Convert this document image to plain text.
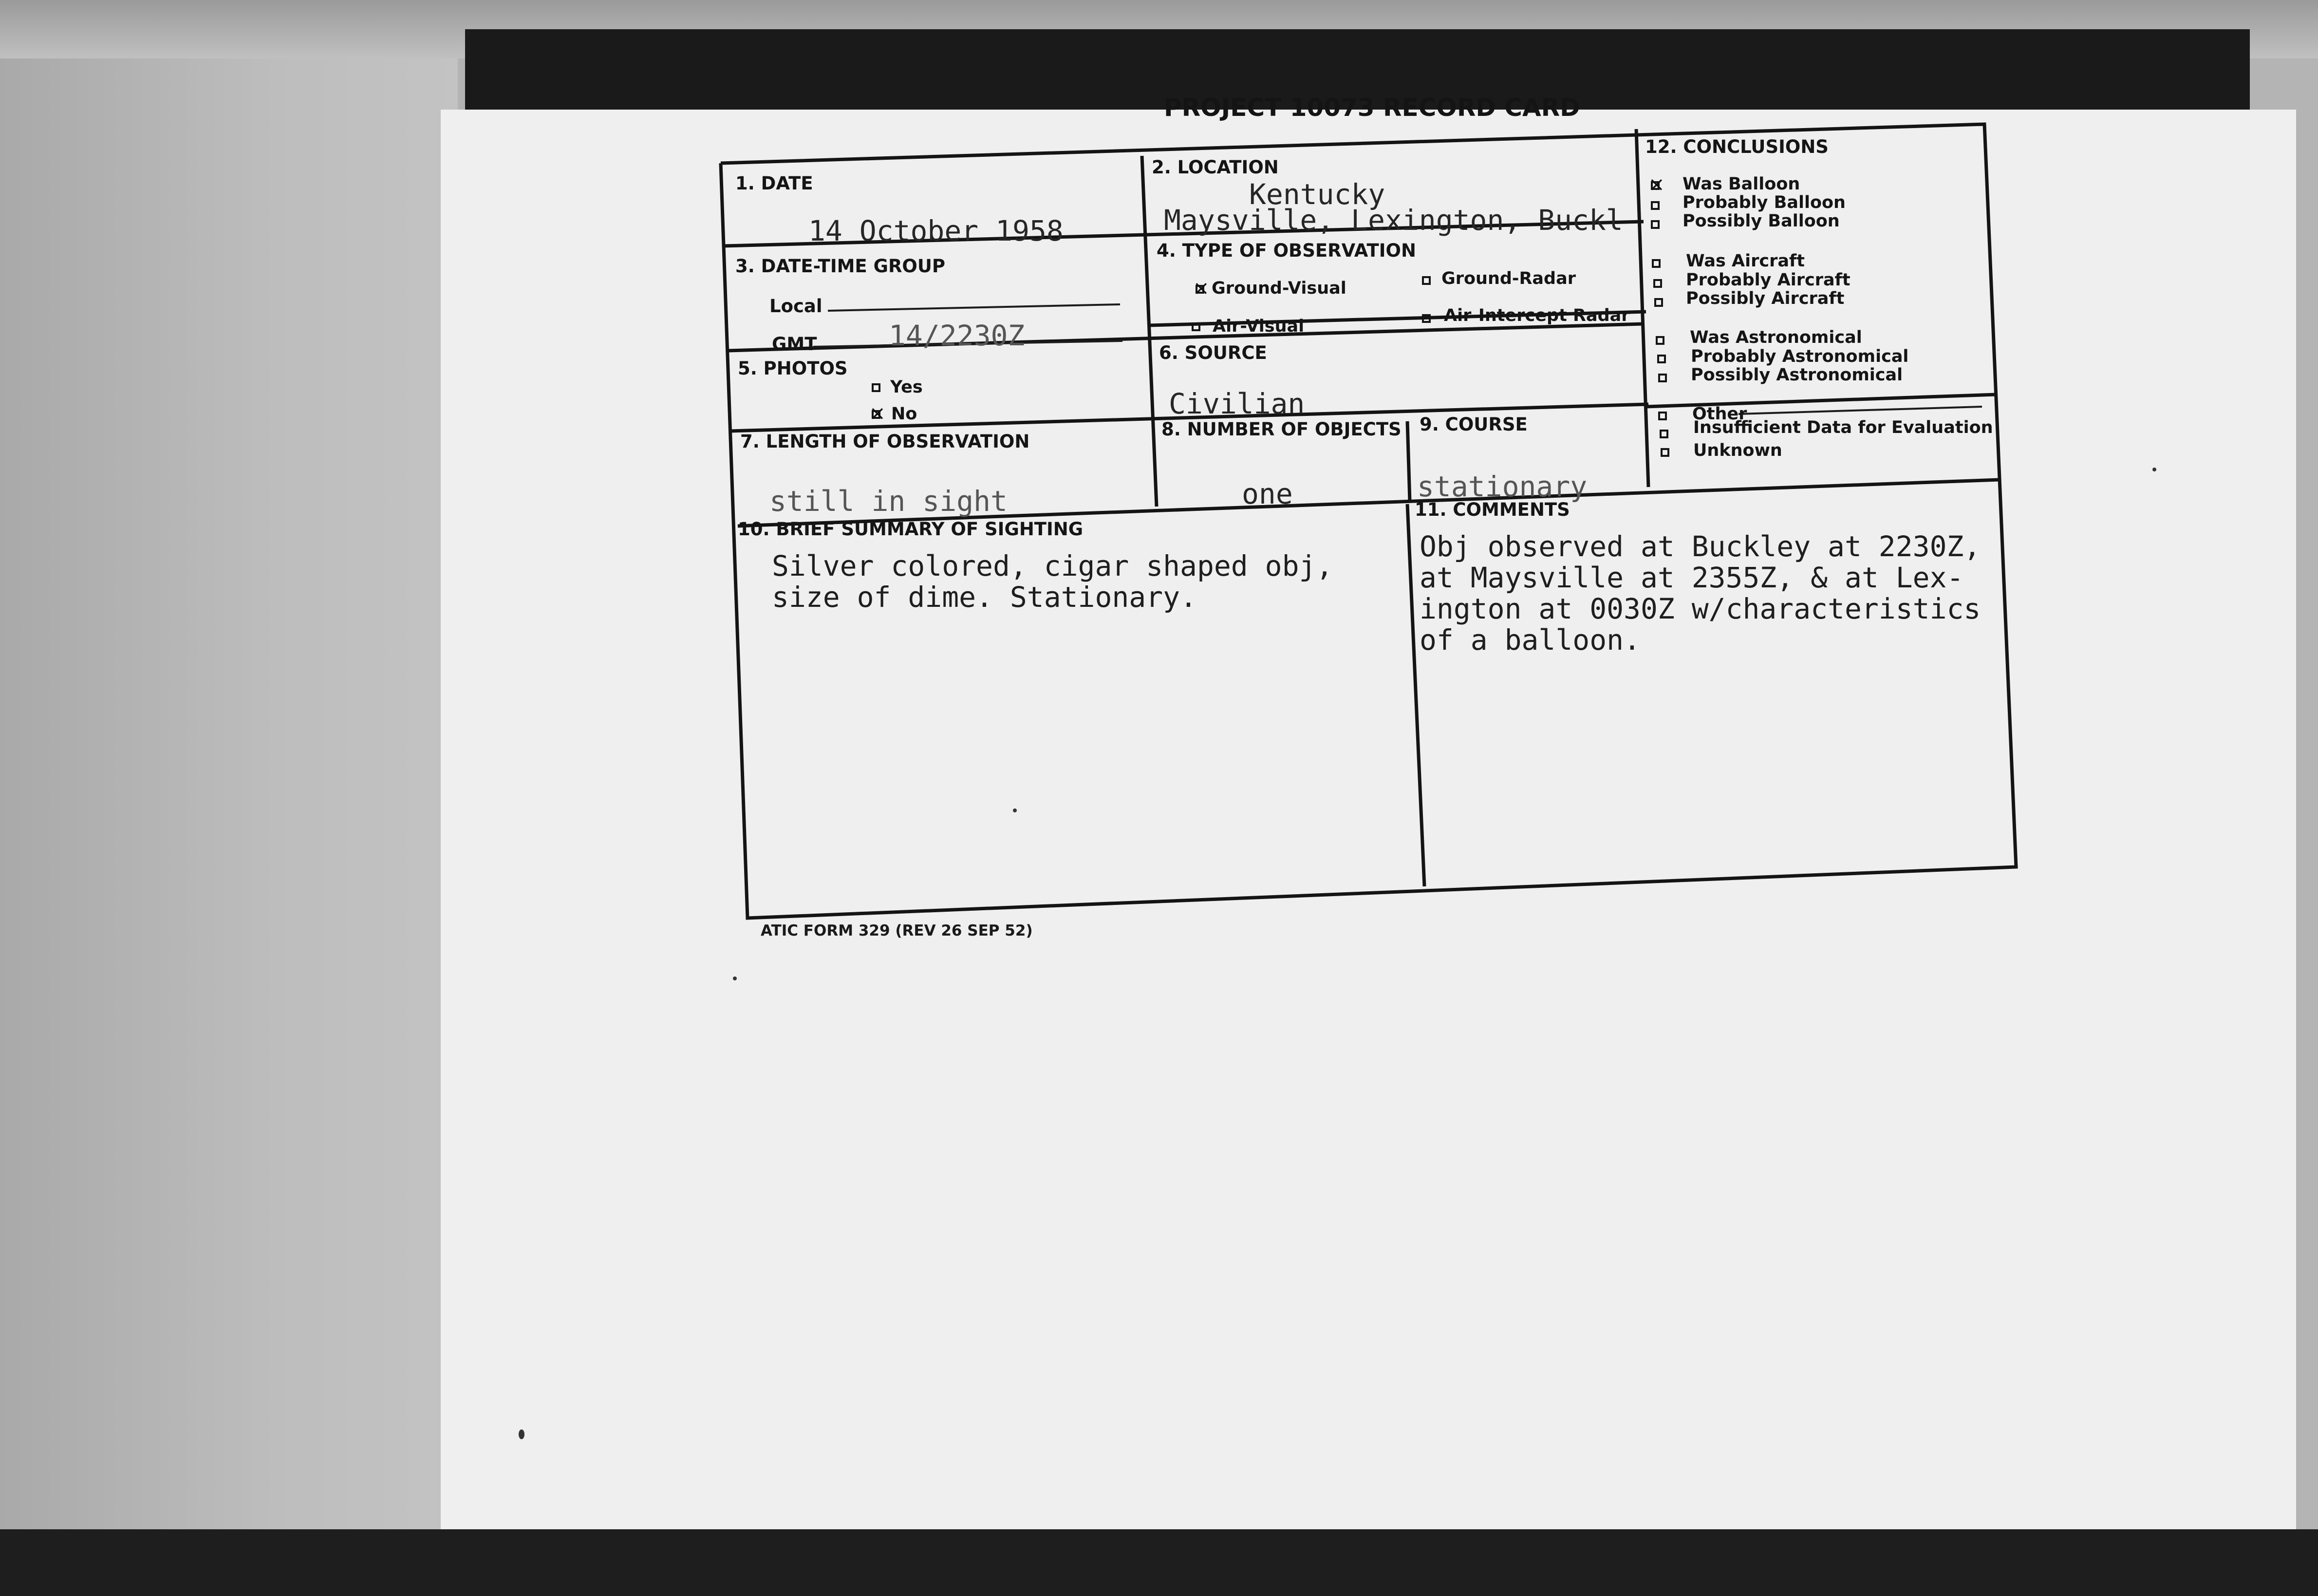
PROJECT 10073 RECORD CARD
1. DATE
14 October 1958
2. LOCATION
Kentucky
Maysville, Lexington, Buckl
3. DATE-TIME GROUP
Local
GMT	14/2230Z
4. TYPE OF OBSERVATION
×
Ground-Visual	Ground-Radar
Air-Visual
Air-Intercept Radar
5. PHOTOS
Yes
×
No
6. SOURCE
Civilian
7. LENGTH OF OBSERVATION
still in sight
8. NUMBER OF OBJECTS
one
9. COURSE
stationary
10. BRIEF SUMMARY OF SIGHTING
Silver colored, cigar shaped obj,
size of dime. Stationary.
11. COMMENTS
Obj observed at Buckley at 2230Z,
at Maysville at 2355Z, & at Lex-
ington at 0030Z w/characteristics
of a balloon.
12. CONCLUSIONS
×
Was Balloon
Probably Balloon
Possibly Balloon
Was Aircraft
Probably Aircraft
Possibly Aircraft
Was Astronomical
Probably Astronomical
Possibly Astronomical
Other
Insufficient Data for Evaluation
Unknown
ATIC FORM 329 (REV 26 SEP 52)
